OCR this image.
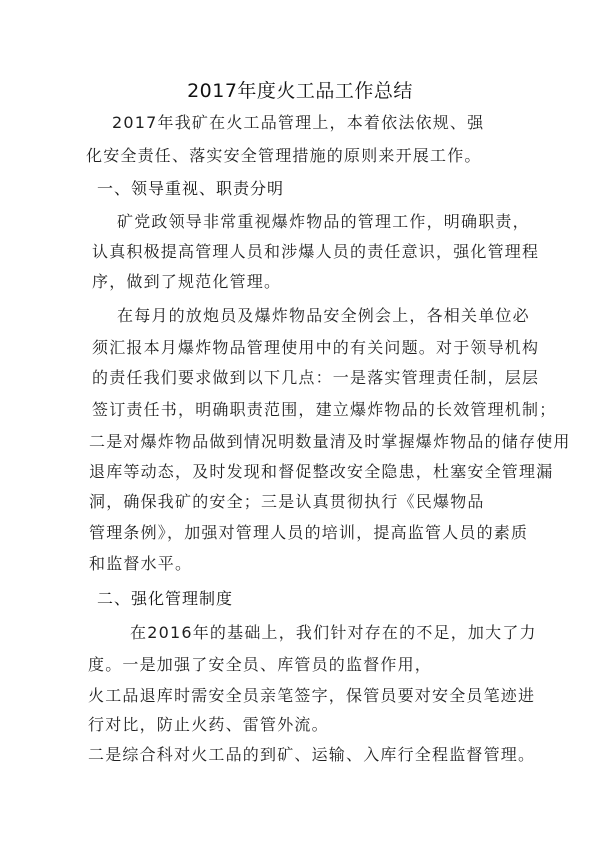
2017年度火工品工作总结
2017年我矿在火工品管理上，本着依法依规、强
化安全责任、落实安全管理措施的原则来开展工作。
一、领导重视、职责分明
矿党政领导非常重视爆炸物品的管理工作，明确职责，
认真积极提高管理人员和涉爆人员的责任意识，强化管理程
序，做到了规范化管理。
在每月的放炮员及爆炸物品安全例会上，各相关单位必
须汇报本月爆炸物品管理使用中的有关问题。对于领导机构
的责任我们要求做到以下几点：一是落实管理责任制，层层
签订责任书，明确职责范围，建立爆炸物品的长效管理机制；
二是对爆炸物品做到情况明数量清及时掌握爆炸物品的储存使用
退库等动态，及时发现和督促整改安全隐患，杜塞安全管理漏
洞，确保我矿的安全；三是认真贯彻执行《民爆物品
管理条例》，加强对管理人员的培训，提高监管人员的素质
和监督水平。
二、强化管理制度
在2016年的基础上，我们针对存在的不足，加大了力
度。一是加强了安全员、库管员的监督作用，
火工品退库时需安全员亲笔签字，保管员要对安全员笔迹进
行对比，防止火药、雷管外流。
二是综合科对火工品的到矿、运输、入库行全程监督管理。
